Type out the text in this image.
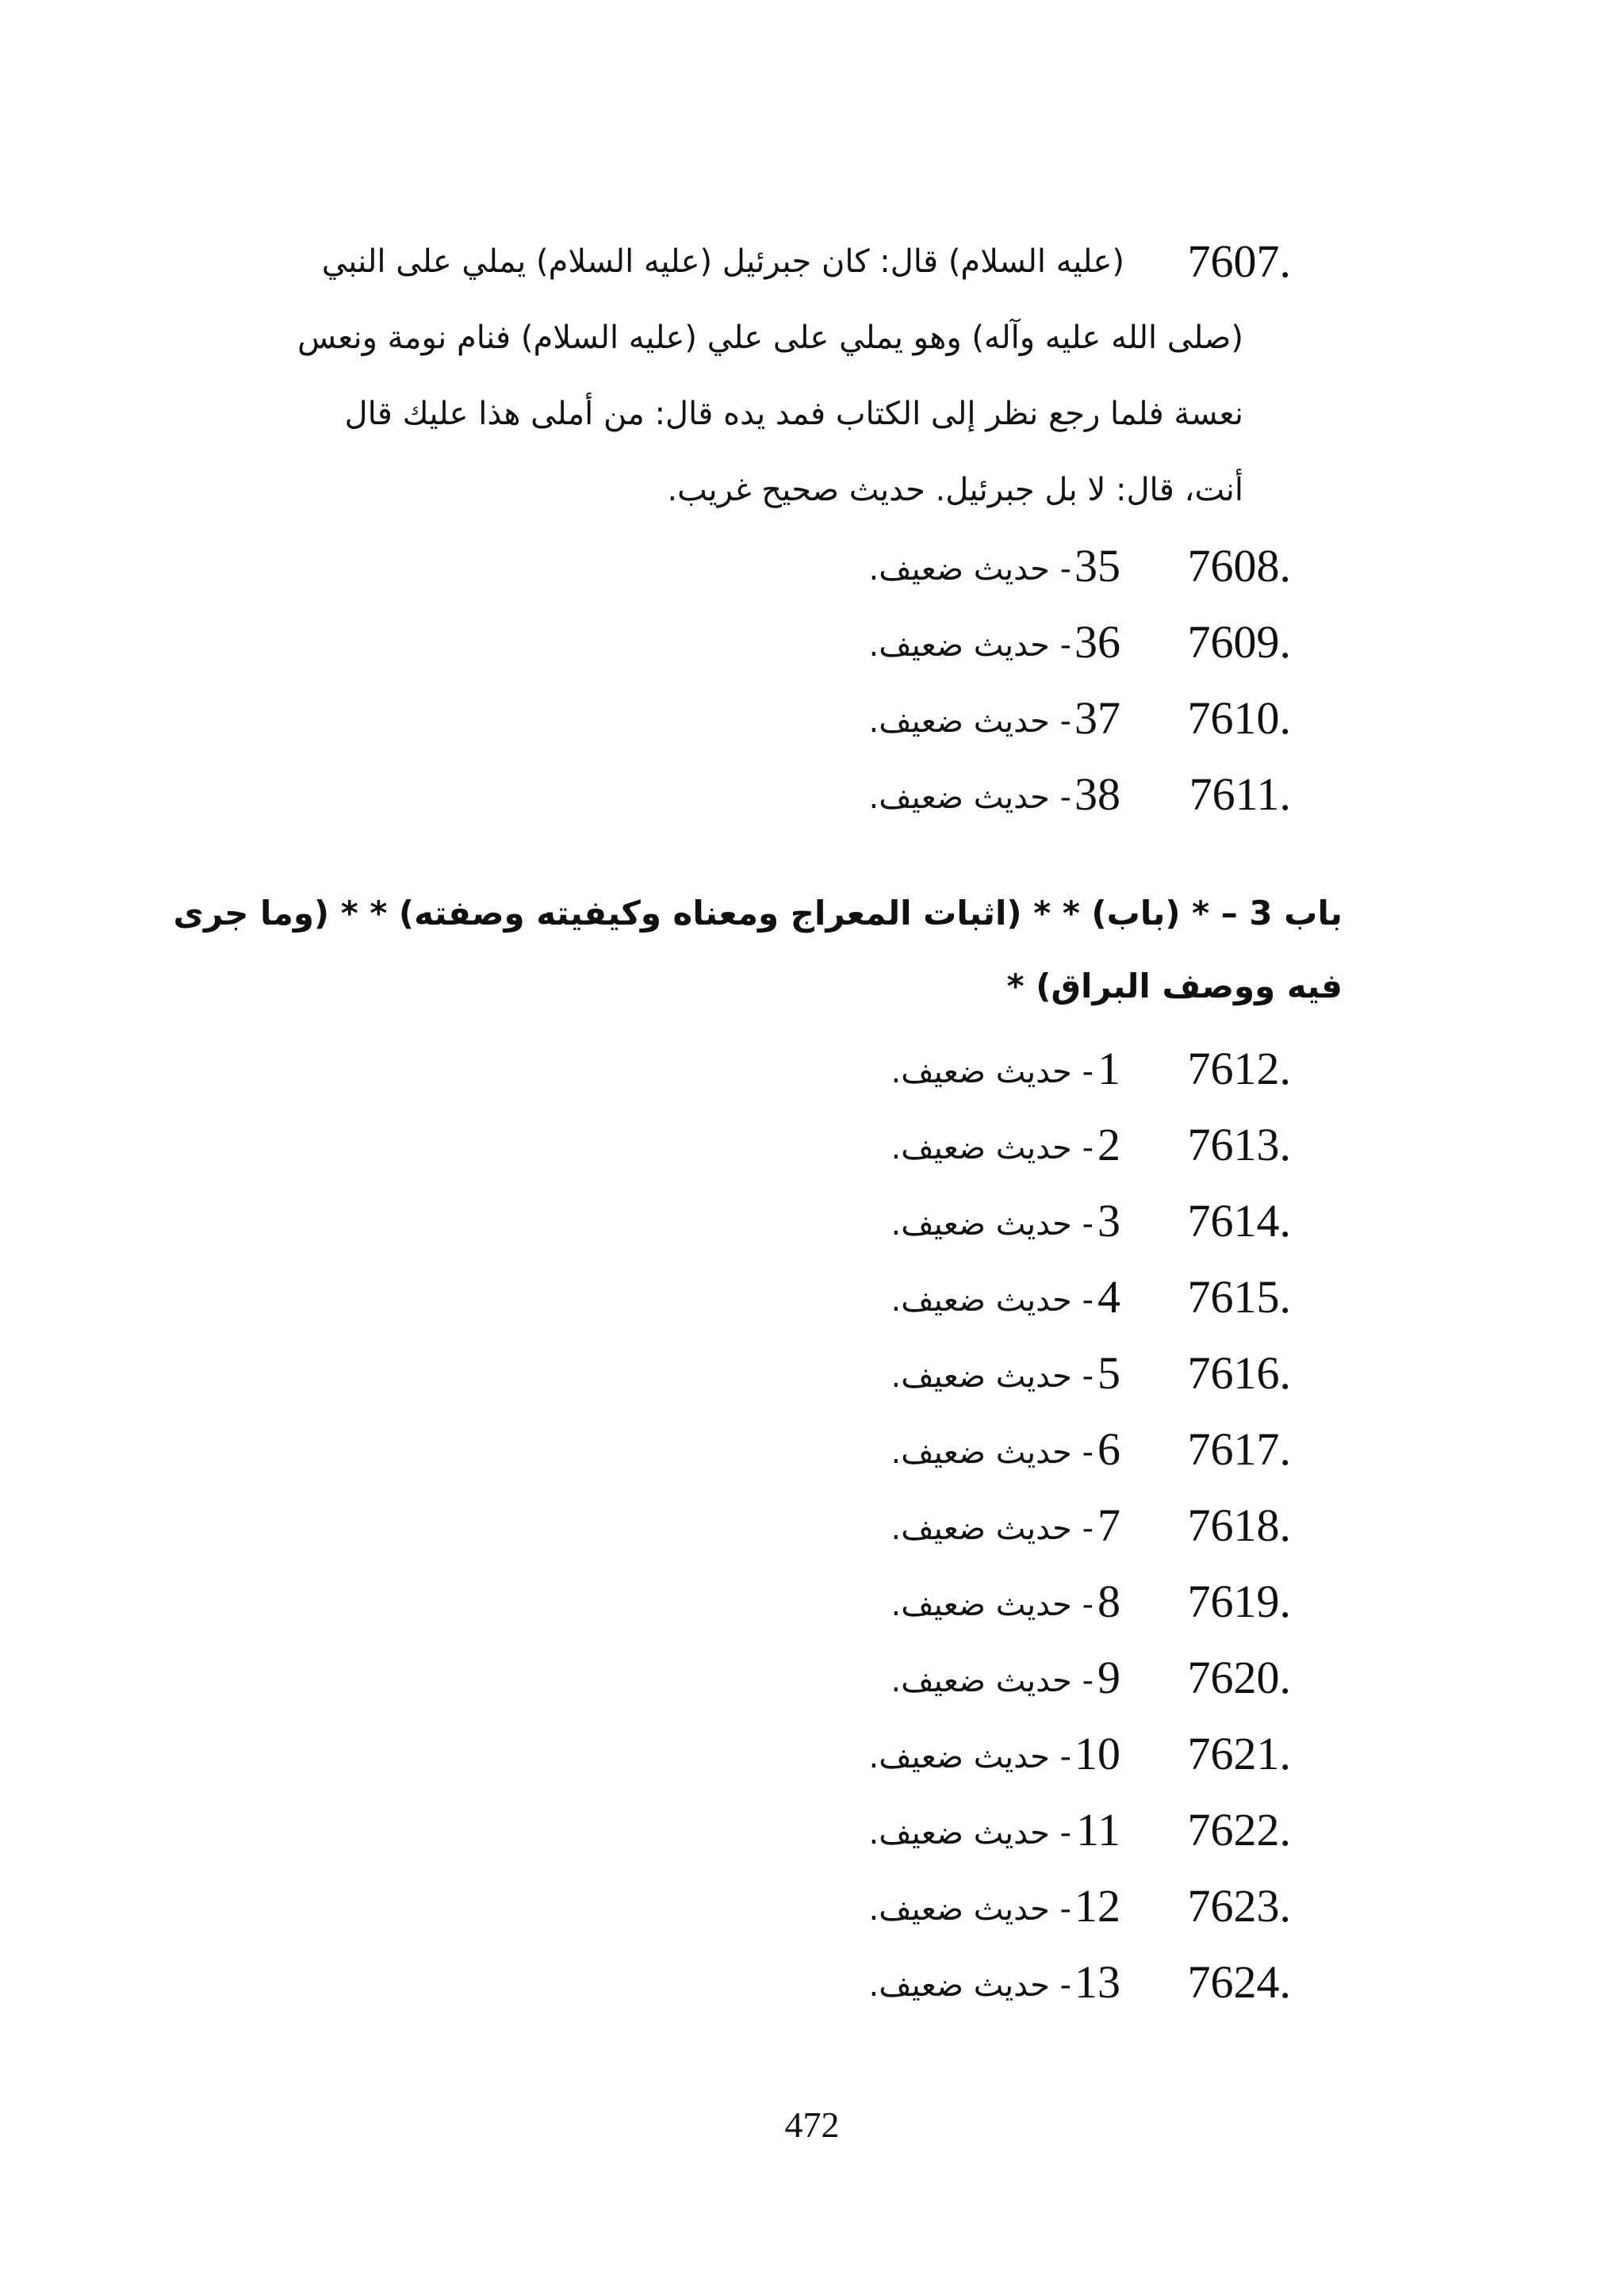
7607.
(عليه السلام) قال: كان جبرئيل (عليه السلام) يملي على النبي
(صلى الله عليه وآله) وهو يملي على علي (عليه السلام) فنام نومة ونعس
نعسة فلما رجع نظر إلى الكتاب فمد يده قال: من أملى هذا عليك قال
أنت، قال: لا بل جبرئيل. حديث صحيح غريب.
7608.
35
- حديث ضعيف.
7609.
36
- حديث ضعيف.
7610.
37
- حديث ضعيف.
7611.
38
- حديث ضعيف.
باب 3 – * (باب) * * (اثبات المعراج ومعناه وكيفيته وصفته) * * (وما جرى
فيه ووصف البراق) *
7612.
1
- حديث ضعيف.
7613.
2
- حديث ضعيف.
7614.
3
- حديث ضعيف.
7615.
4
- حديث ضعيف.
7616.
5
- حديث ضعيف.
7617.
6
- حديث ضعيف.
7618.
7
- حديث ضعيف.
7619.
8
- حديث ضعيف.
7620.
9
- حديث ضعيف.
7621.
10
- حديث ضعيف.
7622.
11
- حديث ضعيف.
7623.
12
- حديث ضعيف.
7624.
13
- حديث ضعيف.
472
